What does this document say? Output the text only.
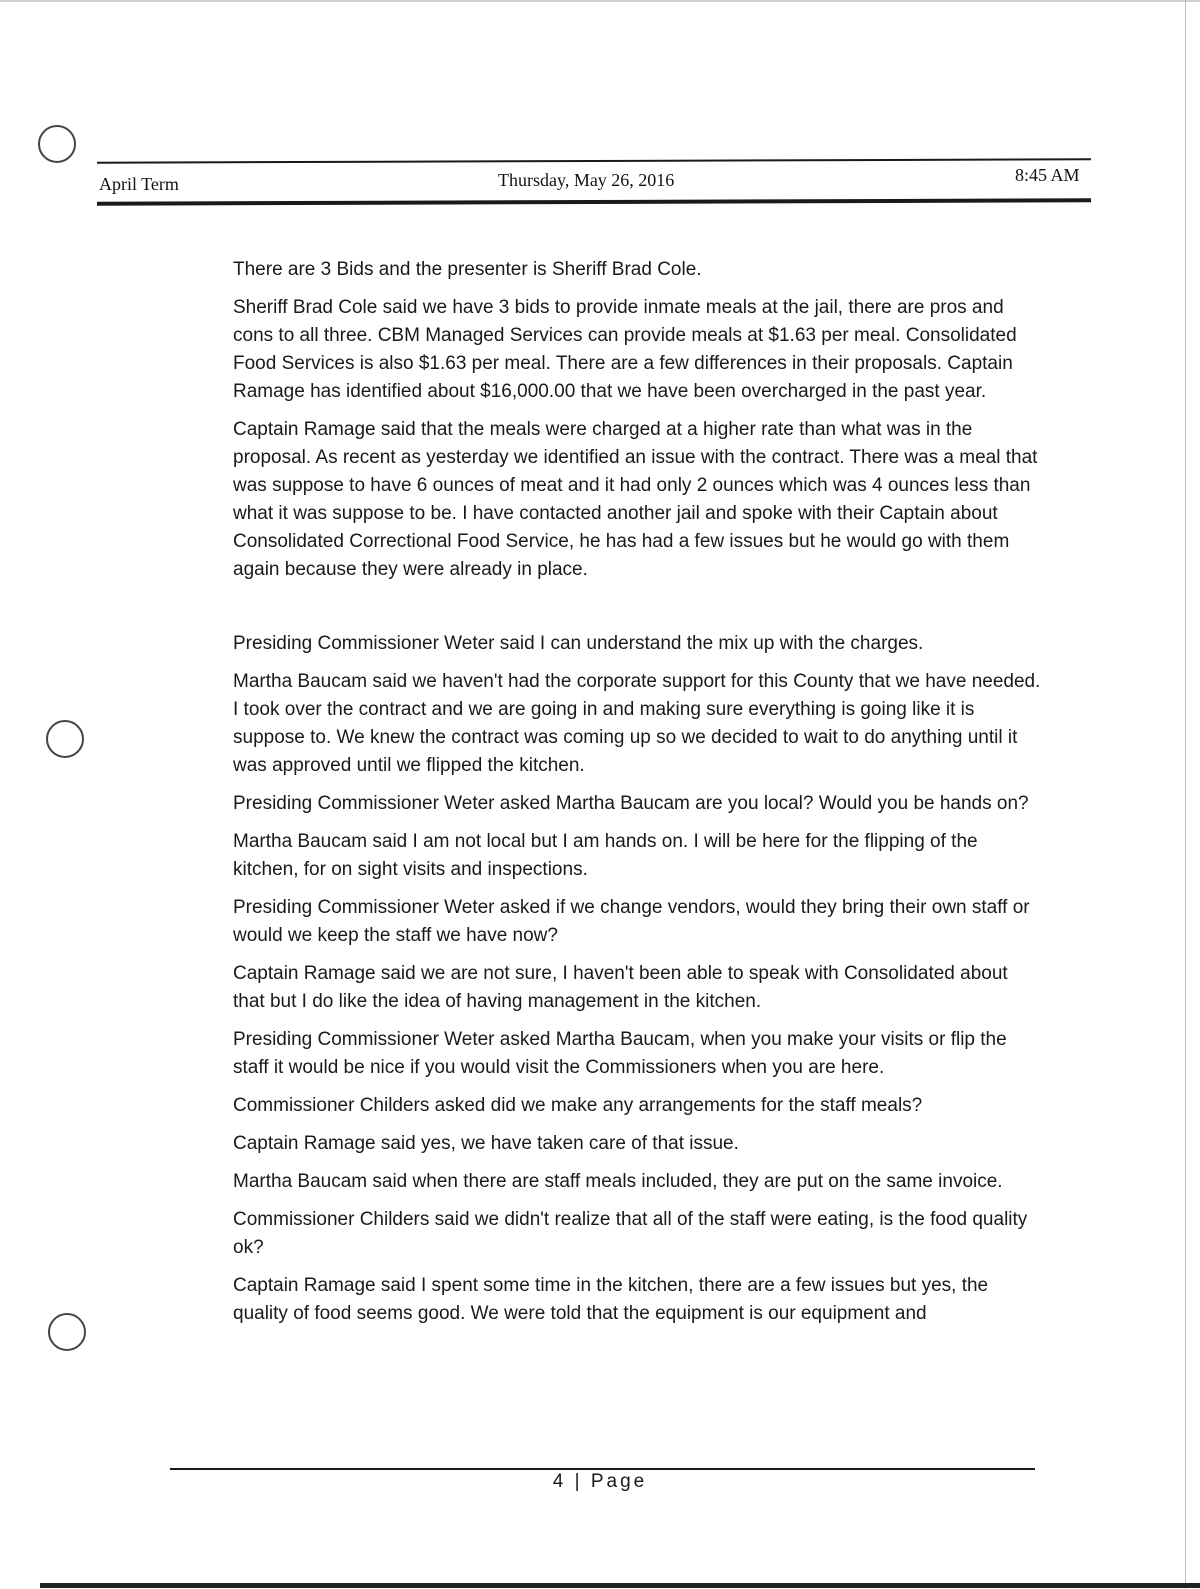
April Term	Thursday, May 26, 2016	8:45 AM

There are 3 Bids and the presenter is Sheriff Brad Cole.

Sheriff Brad Cole said we have 3 bids to provide inmate meals at the jail, there are pros and cons to all three. CBM Managed Services can provide meals at $1.63 per meal. Consolidated Food Services is also $1.63 per meal. There are a few differences in their proposals. Captain Ramage has identified about $16,000.00 that we have been overcharged in the past year.

Captain Ramage said that the meals were charged at a higher rate than what was in the proposal. As recent as yesterday we identified an issue with the contract. There was a meal that was suppose to have 6 ounces of meat and it had only 2 ounces which was 4 ounces less than what it was suppose to be. I have contacted another jail and spoke with their Captain about Consolidated Correctional Food Service, he has had a few issues but he would go with them again because they were already in place.

Presiding Commissioner Weter said I can understand the mix up with the charges.

Martha Baucam said we haven't had the corporate support for this County that we have needed. I took over the contract and we are going in and making sure everything is going like it is suppose to. We knew the contract was coming up so we decided to wait to do anything until it was approved until we flipped the kitchen.

Presiding Commissioner Weter asked Martha Baucam are you local? Would you be hands on?

Martha Baucam said I am not local but I am hands on. I will be here for the flipping of the kitchen, for on sight visits and inspections.

Presiding Commissioner Weter asked if we change vendors, would they bring their own staff or would we keep the staff we have now?

Captain Ramage said we are not sure, I haven't been able to speak with Consolidated about that but I do like the idea of having management in the kitchen.

Presiding Commissioner Weter asked Martha Baucam, when you make your visits or flip the staff it would be nice if you would visit the Commissioners when you are here.

Commissioner Childers asked did we make any arrangements for the staff meals?

Captain Ramage said yes, we have taken care of that issue.

Martha Baucam said when there are staff meals included, they are put on the same invoice.

Commissioner Childers said we didn't realize that all of the staff were eating, is the food quality ok?

Captain Ramage said I spent some time in the kitchen, there are a few issues but yes, the quality of food seems good. We were told that the equipment is our equipment and

4 | Page
